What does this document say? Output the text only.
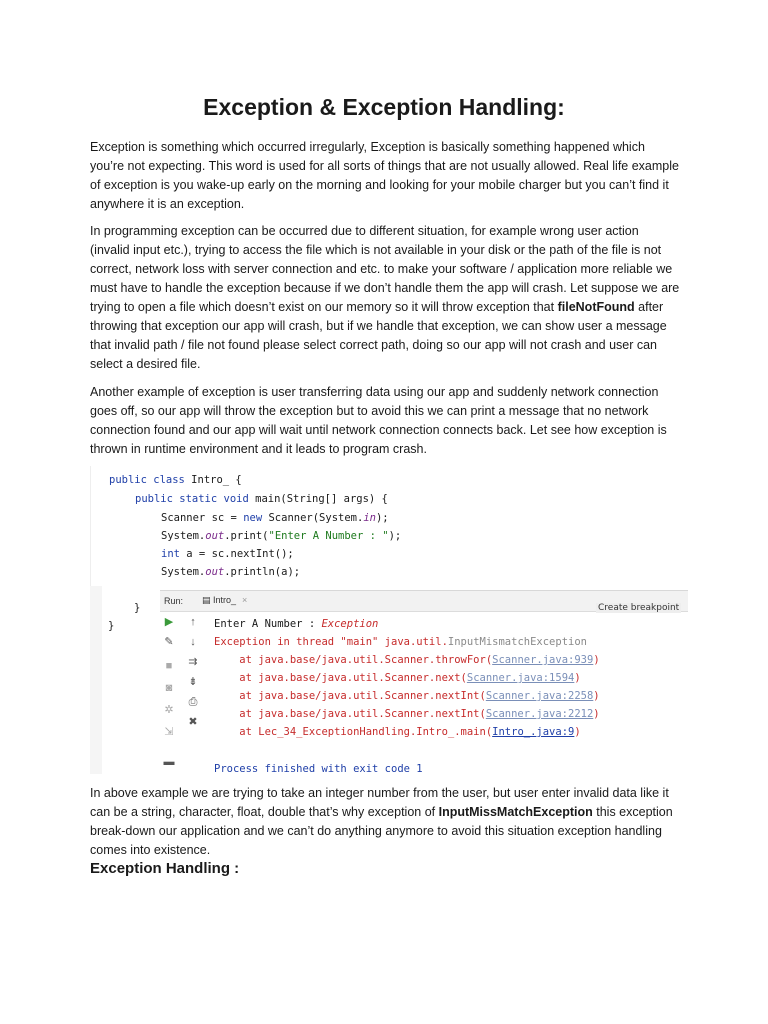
Exception & Exception Handling:

Exception is something which occurred irregularly, Exception is basically something happened which you’re not expecting. This word is used for all sorts of things that are not usually allowed. Real life example of exception is you wake-up early on the morning and looking for your mobile charger but you can’t find it anywhere it is an exception.

In programming exception can be occurred due to different situation, for example wrong user action (invalid input etc.), trying to access the file which is not available in your disk or the path of the file is not correct, network loss with server connection and etc. to make your software / application more reliable we must have to handle the exception because if we don’t handle them the app will crash. Let suppose we are trying to open a file which doesn’t exist on our memory so it will throw exception that fileNotFound after throwing that exception our app will crash, but if we handle that exception, we can show user a message that invalid path / file not found please select correct path, doing so our app will not crash and user can select a desired file.

Another example of exception is user transferring data using our app and suddenly network connection goes off, so our app will throw the exception but to avoid this we can print a message that no network connection found and our app will wait until network connection connects back. Let see how exception is thrown in runtime environment and it leads to program crash.

public class Intro_ {
public static void main(String[] args) {
Scanner sc = new Scanner(System.in);
System.out.print("Enter A Number : ");
int a = sc.nextInt();
System.out.println(a);
}
}
Run: ▤ Intro_ ×
▶
✎
■
◙
✲
⇲
▬
↑
↓
⇉
⇟
⎙
✖
Enter A Number : Exception
Exception in thread "main" java.util.InputMismatchException
Create breakpoint
at java.base/java.util.Scanner.throwFor(Scanner.java:939)
at java.base/java.util.Scanner.next(Scanner.java:1594)
at java.base/java.util.Scanner.nextInt(Scanner.java:2258)
at java.base/java.util.Scanner.nextInt(Scanner.java:2212)
at Lec_34_ExceptionHandling.Intro_.main(Intro_.java:9)
Process finished with exit code 1

In above example we are trying to take an integer number from the user, but user enter invalid data like it can be a string, character, float, double that’s why exception of InputMissMatchException this exception break-down our application and we can’t do anything anymore to avoid this situation exception handling comes into existence.

Exception Handling :
